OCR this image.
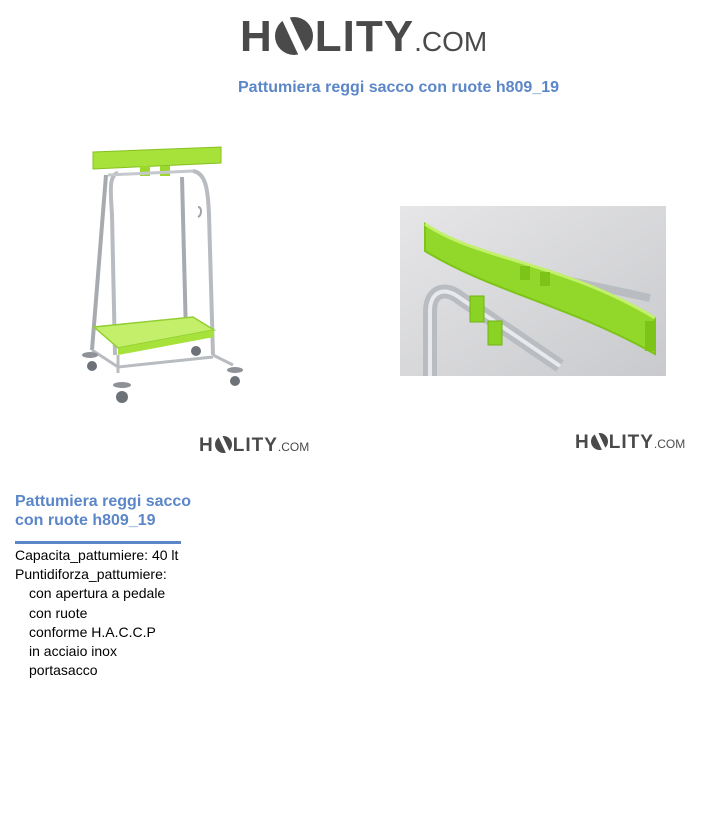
H LITY .COM
Pattumiera reggi sacco con ruote h809_19
H LITY .COM	H LITY .COM
Pattumiera reggi sacco con ruote h809_19
Capacita_pattumiere: 40 lt
Puntidiforza_pattumiere:
con apertura a pedale
con ruote
conforme H.A.C.C.P
in acciaio inox
portasacco
